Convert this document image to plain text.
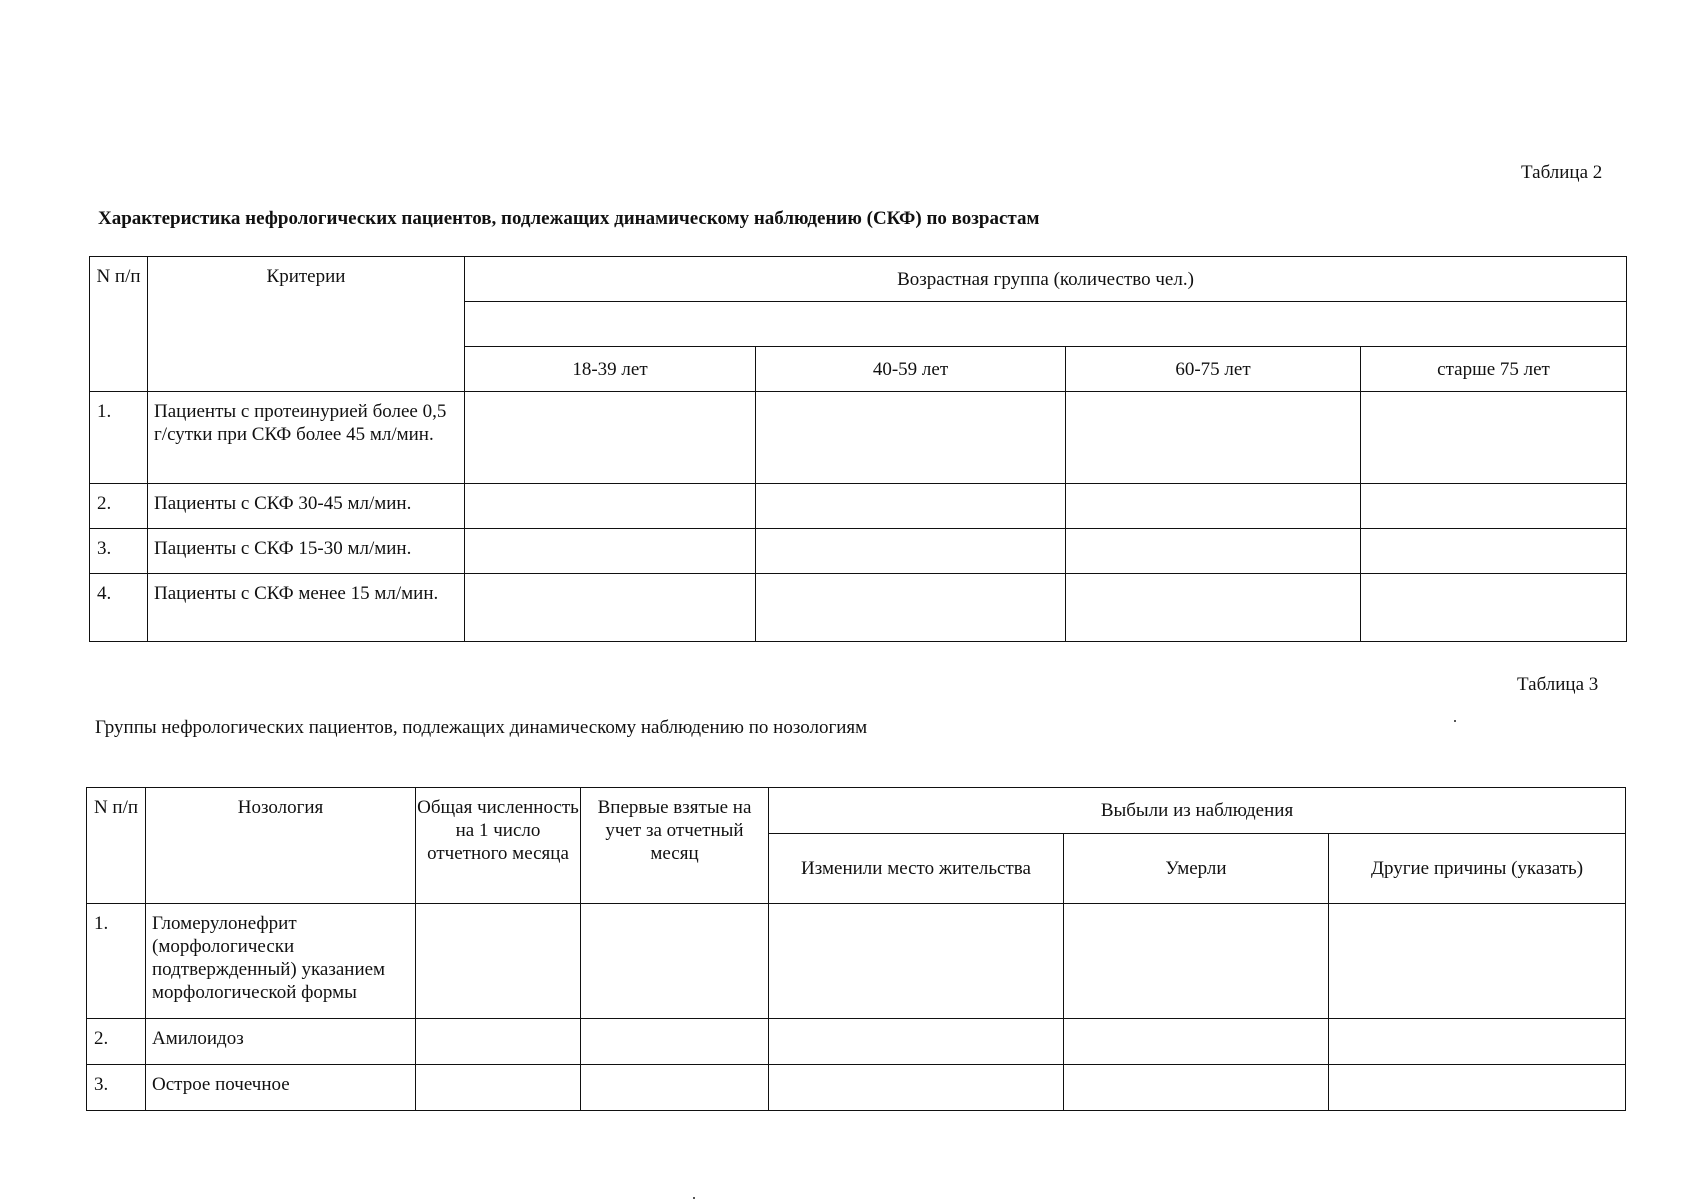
Таблица 2
Характеристика нефрологических пациентов, подлежащих динамическому наблюдению (СКФ) по возрастам
N п/п	Критерии	Возрастная группа (количество чел.)			

		18-39 лет	40-59 лет	60-75 лет	старше 75 лет
1.	Пациенты с протеинурией более 0,5 г/сутки при СКФ более 45 мл/мин.				
2.	Пациенты с СКФ 30-45 мл/мин.				
3.	Пациенты с СКФ 15-30 мл/мин.				
4.	Пациенты с СКФ менее 15 мл/мин.				
Таблица 3
Группы нефрологических пациентов, подлежащих динамическому наблюдению по нозологиям
N п/п	Нозология	Общая численность на 1 число отчетного месяца	Впервые взятые на учет за отчетный месяц	Выбыли из наблюдения		
				Изменили место жительства	Умерли	Другие причины (указать)
1.	Гломерулонефрит (морфологически подтвержденный) указанием морфологической формы					
2.	Амилоидоз					
3.	Острое почечное					
